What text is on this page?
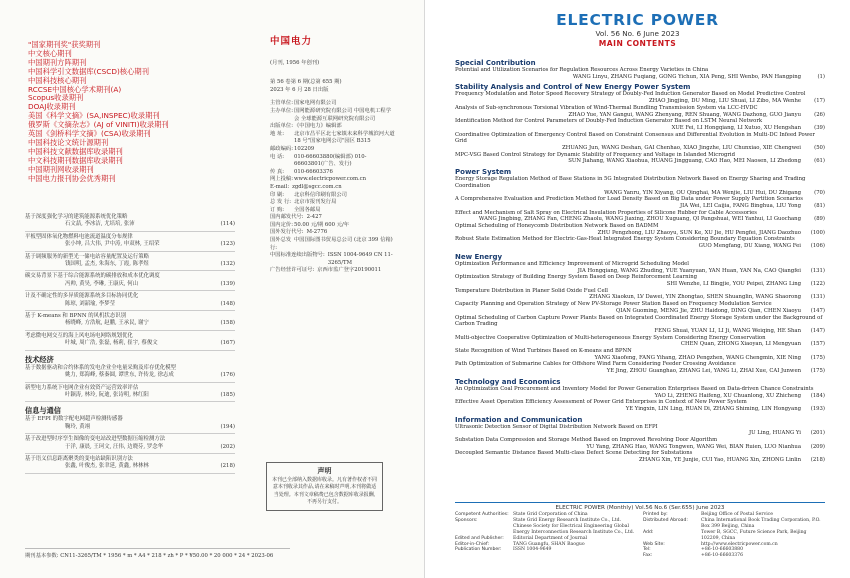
"国家期刊奖"获奖期刊
中文核心期刊
中国期刊方阵期刊
中国科学引文数据库(CSCD)核心期刊
中国科技核心期刊
RCCSE中国核心学术期刊(A)
Scopus收录期刊
DOAJ收录期刊
美国《科学文摘》(SA,INSPEC)收录期刊
俄罗斯《文摘杂志》(AJ of VINITI)收录期刊
英国《剑桥科学文摘》(CSA)收录期刊
中国科技论文统计源期刊
中国科技文献数据库收录期刊
中文科技期刊数据库收录期刊
中国期刊网收录期刊
中国电力报刊协会优秀期刊
基于深度强化学习的建筑能源系统优化策略
石文喆, 李冰洁, 尤培培, 张沛	(114)
平板型固体氧化物燃料电池流道温度分布规律
张小坤, 吕大伟, 尹中涛, 申双林, 王绍荣	(123)
基于调频服务的新型光一储电站容量配置及运行策略
钱国明, 孟杰, 朱海东, 丁霞, 陈孝煜	(132)
碳交易背景下基于综合能源系统的碳排放和成本优化调度
冯帅, 黄昊, 李琳, 王康庆, 何山	(139)
计及不确定性的多异质能源系统多目标协同优化
陈琼, 刘韶瑜, 李梦莹	(148)
基于 K-means 和 BPNN 的风机状态识别
杨晓峰, 方浩航, 赵鹏, 王承民, 谢宁	(158)
考虑微电网交互的海上风电场电网络规划优化
叶城, 周广浩, 张磊, 杨莉, 崔宇, 蔡俊文	(167)
技术经济
基于数据驱动和合约体系的发电企业全电量采购及库存优化模型
姚力, 郑海峰, 蔡秦圆, 谭世东, 许传龙, 徐志成	(176)
新型电力系统下电网企业有效资产运营效率评估
叶颖涛, 林玲, 阮迪, 张诗明, 林红阳	(185)
信息与通信
基于 EFPI 的数字配电网超声检测传感器
鞠玲, 黄翊	(194)
基于改进型时序孪生图像的变电站改进型数据压缩检测方法
于洋, 康晨, 王珂文, 汪伟, 边晓芬, 罗念华	(202)
基于语义信息距离聚类的变电站缺陷识别方法
张鑫, 叶俊杰, 张聿延, 黄鑫, 林林林	(218)
期刊基本参数: CN11-3265/TM * 1956 * m * A4 * 218 * zh * P * ¥50.00 * 20 000 * 24 * 2023-06
中国电力
(月刊, 1956 年创刊)
第 56 卷第 6 期(总第 655 期)
2023 年 6 月 28 日出版
主管单位: 国家电网有限公司
主办单位: 国网能源研究院有限公司 中国电机工程学会 全球能源互联网研究院有限公司
出版单位: 《中国电力》编辑部
地 址:	北京市昌平区北七家镇未来科学城滨河大道 18 号"国家电网公司"园区 B315
邮政编码: 102209
电 话:	010-66603880(编辑部) 010-66603801(广告、发行)
传 真:	010-66603376
网上投稿: www.electricpower.com.cn
E-mail: zgdl@sgcc.com.cn
印 刷:	北京科信印刷有限公司
总 发 行: 北京市报刊发行局
订 购:	全国各邮局
国内邮发代号: 2-427
国内定价: 50.00 元/期 600 元/年
国外发行代号: M-2776
国外总发行:
中国国际图书贸易总公司 (北京 399 信箱)
中国标准连续出版物号: ISSN 1004-9649 CN 11-3265/TM
广告经营许可证号: 京西市监广登字20190011
声明
本刊已全部纳入数据库收录。凡有著作权者不同意本刊收录其作品,请在来稿时声明,本刊将做适当处理。本刊文章稿费已包含数据库收录报酬,不再另行支付。
ELECTRIC POWER
Vol. 56 No. 6 June 2023
MAIN CONTENTS
Special Contribution
Potential and Utilization Scenarios for Regulation Resources Across Energy Varieties in China
WANG Linyu, ZHANG Fuqiang, GONG Yichun, XIA Peng, SHI Wenbo, PAN Hangping	(1)
Stability Analysis and Control of New Energy Power System
Frequency Modulation and Rotor Speed Recovery Strategy of Doubly-Fed Induction Generator Based on Model Predictive Control
ZHAO Jingjing, DU Ming, LIU Shuai, LI Zibo, MA Wenhe	(17)
Analysis of Sub-synchronous Torsional Vibration of Wind-Thermal Bundling Transmission System via LCC-HVDC
ZHAO Yue, YAN Gangui, WANG Zhenyang, REN Shuang, WANG Dazhong, GUO Jianyu	(26)
Identification Method for Control Parameters of Doubly-Fed Induction Generator Based on LSTM Neural Network
XUE Fei, LI Hongqiang, LI Xutuo, XU Hengshan	(39)
Coordinative Optimization of Emergency Control Based on Constraint Consensus and Differential Evolution in Multi-DC Infeed Power Grid
ZHUANG Jun, WANG Deshan, GAI Chenhao, XIAO Jingzhe, LIU Chunxiao, XIE Chengwei	(50)
MPC-VSG Based Control Strategy for Dynamic Stability of Frequency and Voltage in Islanded Microgrid
SUN Jiahang, WANG Xiaohua, HUANG Jingguang, CAO Hao, MEI Naosen, LI Zhedong	(61)
Power System
Energy Storage Regulation Method of Base Stations in 5G Integrated Distribution Network Based on Energy Sharing and Trading Coordination
WANG Yanru, YIN Xiyang, OU Qinghai, MA Wenjie, LIU Hui, DU Zhigang	(70)
A Comprehensive Evaluation and Prediction Method for Load Density Based on Big Data under Power Supply Partition Scenarios
JIA Wei, LEI Caijia, FANG Binghua, LIU Yong	(81)
Effect and Mechanism of Salt Spray on Electrical Insulation Properties of Silicone Rubber for Cable Accessories
WANG Jingbing, ZHANG Fan, CHENG Zhaolu, WANG Jiaxing, ZHOU Xuguang, QI Pangshuai, WEI Yanhui, LI Guochang	(89)
Optimal Scheduling of Honeycomb Distribution Network Based on BADMM
ZHU Pengzhong, LIU Zhaoyu, SUN Ke, XU Jie, HU Pengfei, JIANG Daozhuo	(100)
Robust State Estimation Method for Electric-Gas-Heat Integrated Energy System Considering Boundary Equation Constraints
GUO Mengfang, DU Xiang, WANG Fei	(106)
New Energy
Optimization Performance and Efficiency Improvement of Microgrid Scheduling Model
JIA Hongqiang, WANG Zhuding, YUE Yuanyuan, YAN Huan, YAN Na, CAO Qiangfei	(131)
Optimization Strategy of Building Energy System Based on Deep Reinforcement Learning
SHI Wenzhe, LI Bingjie, YOU Peipei, ZHANG Ling	(122)
Temperature Distribution in Planer Solid Oxide Fuel Cell
ZHANG Xiaokun, LV Dawei, YIN Zhongtao, SHEN Shuanglin, WANG Shaorong	(131)
Capacity Planning and Operation Strategy of New PV-Storage Power Station Based on Frequency Modulation Service
QIAN Guoming, MENG Jie, ZHU Haidong, DING Qian, CHEN Xiaoyu	(147)
Optimal Scheduling of Carbon Capture Power Plants Based on Integrated Coordinated Energy Storage System under the Background of Carbon Trading
FENG Shuai, YUAN LI, LI Ji, WANG Weiqing, HE Shan	(147)
Multi-objective Cooperative Optimization of Multi-heterogeneous Energy System Considering Energy Conservation
CHEN Quan, ZHONG Xiaoyan, LI Mengyuan	(157)
State Recognition of Wind Turbines Based on K-means and BPNN
YANG Xiaofeng, FANG Yihang, ZHAO Pengzhen, WANG Chengmin, XIE Ning	(175)
Path Optimization of Submarine Cables for Offshore Wind Farm Considering Feeder Crossing Avoidance
YE Jing, ZHOU Guanghao, ZHANG Lei, YANG Li, ZHAI Xue, CAI Junwen	(175)
Technology and Economics
An Optimization Coal Procurement and Inventory Model for Power Generation Enterprises Based on Data-driven Chance Constraints
YAO Li, ZHENG Haifeng, XU Chuanlong, XU Zhicheng	(184)
Effective Asset Operation Efficiency Assessment of Power Grid Enterprises in Context of New Power System
YE Yingxin, LIN Ling, RUAN Di, ZHANG Shiming, LIN Hongyang	(193)
Information and Communication
Ultrasonic Detection Sensor of Digital Distribution Network Based on EFPI
JU Ling, HUANG Yi	(201)
Substation Data Compression and Storage Method Based on Improved Revolving Door Algorithm
YU Yang, ZHANG Hao, WANG Tongwen, WANG Wei, BIAN Ruien, LUO Nianhua	(209)
Decoupled Semantic Distance Based Multi-class Defect Scene Detecting for Substations
ZHANG Xin, YE Junjie, CUI Yao, HUANG Xin, ZHONG Linlin	(218)
ELECTRIC POWER (Monthly) Vol.56 No.6 (Ser.655) June 2023
Competent Authorities: State Grid Corporation of China
Sponsors:	State Grid Energy Research Institute Co., Ltd. Chinese Society for Electrical Engineering Global Energy Interconnection Research Institute Co., Ltd.
Edited and Publisher:	Editorial Department of Journal
Editor-in-Chief:	TANG Guangfu, SHAN Baoguo
Publication Number:	ISSN 1004-9649
Printed by:	Beijing Office of Postal Service
Distributed Abroad:	China International Book Trading Corporation, P.O. Box 399 Beijing, China
Add:	Tower B, SGCC, Future Science Park, Beijing 102209, China
Web Site:	http://www.electricpower.com.cn
Tel:	+86-10-66603880
Fax:	+86-10-66603376
